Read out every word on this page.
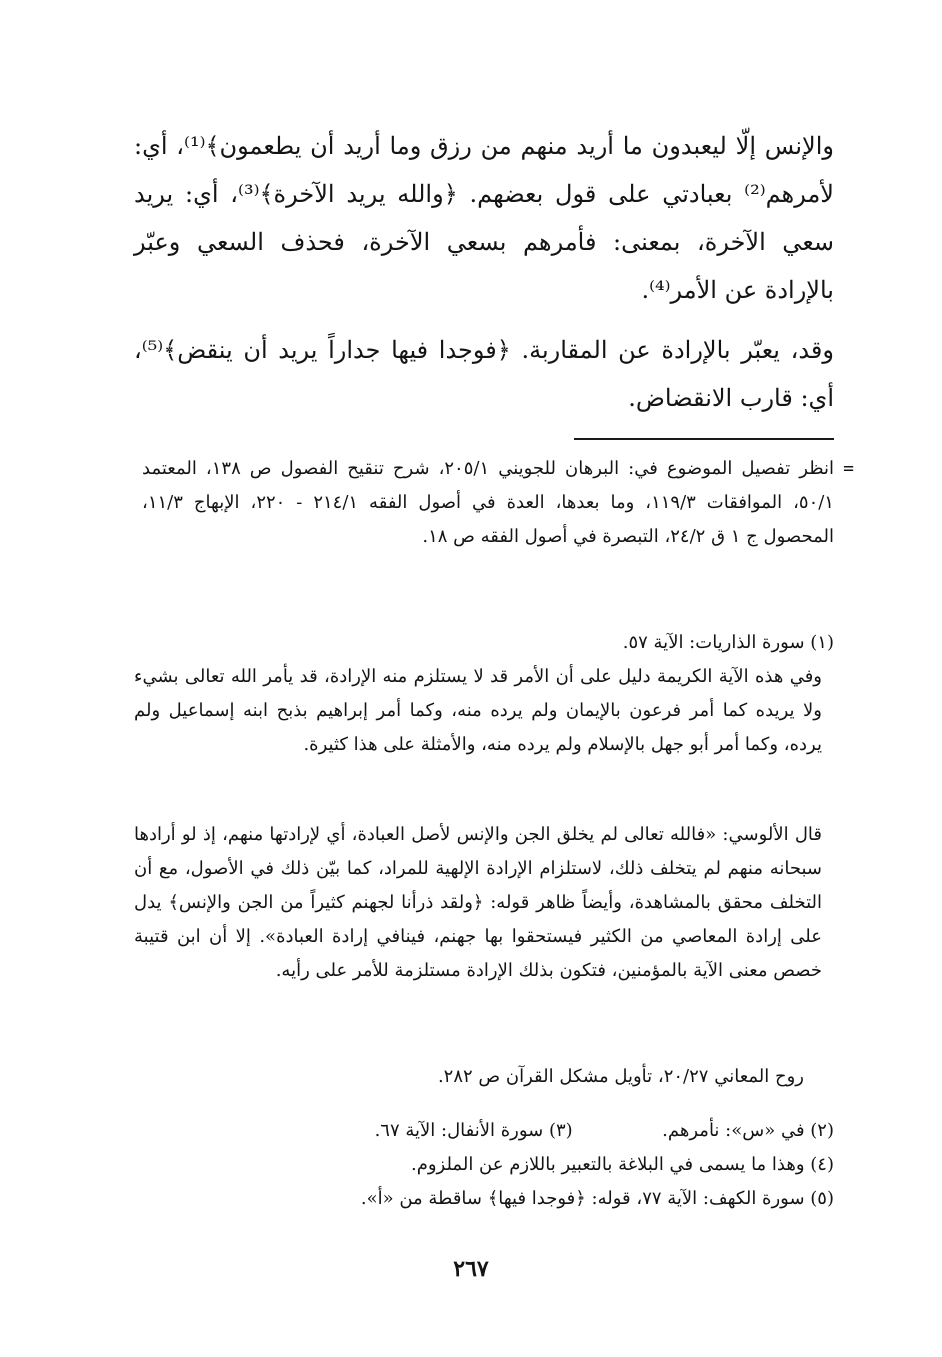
والإنس إلّا ليعبدون ما أريد منهم من رزق وما أريد أن يطعمون﴾⁽¹⁾، أي: لأمرهم⁽²⁾ بعبادتي على قول بعضهم. ﴿والله يريد الآخرة﴾⁽³⁾، أي: يريد سعي الآخرة، بمعنى: فأمرهم بسعي الآخرة، فحذف السعي وعبّر بالإرادة عن الأمر⁽⁴⁾.

وقد، يعبّر بالإرادة عن المقاربة. ﴿فوجدا فيها جداراً يريد أن ينقض﴾⁽⁵⁾، أي: قارب الانقضاض.

=

انظر تفصيل الموضوع في: البرهان للجويني ٢٠٥/١، شرح تنقيح الفصول ص ١٣٨، المعتمد ٥٠/١، الموافقات ١١٩/٣، وما بعدها، العدة في أصول الفقه ٢١٤/١ - ٢٢٠، الإبهاج ١١/٣، المحصول ج ١ ق ٢٤/٢، التبصرة في أصول الفقه ص ١٨.

(١) سورة الذاريات: الآية ٥٧.

وفي هذه الآية الكريمة دليل على أن الأمر قد لا يستلزم منه الإرادة، قد يأمر الله تعالى بشيء ولا يريده كما أمر فرعون بالإيمان ولم يرده منه، وكما أمر إبراهيم بذبح ابنه إسماعيل ولم يرده، وكما أمر أبو جهل بالإسلام ولم يرده منه، والأمثلة على هذا كثيرة.

قال الألوسي: «فالله تعالى لم يخلق الجن والإنس لأصل العبادة، أي لإرادتها منهم، إذ لو أرادها سبحانه منهم لم يتخلف ذلك، لاستلزام الإرادة الإلهية للمراد، كما بيّن ذلك في الأصول، مع أن التخلف محقق بالمشاهدة، وأيضاً ظاهر قوله: ﴿ولقد ذرأنا لجهنم كثيراً من الجن والإنس﴾ يدل على إرادة المعاصي من الكثير فيستحقوا بها جهنم، فينافي إرادة العبادة». إلا أن ابن قتيبة خصص معنى الآية بالمؤمنين، فتكون بذلك الإرادة مستلزمة للأمر على رأيه.

روح المعاني ٢٠/٢٧، تأويل مشكل القرآن ص ٢٨٢.

(٢) في «س»: نأمرهم.  (٣) سورة الأنفال: الآية ٦٧.

(٤) وهذا ما يسمى في البلاغة بالتعبير باللازم عن الملزوم.

(٥) سورة الكهف: الآية ٧٧، قوله: ﴿فوجدا فيها﴾ ساقطة من «أ».

٢٦٧
